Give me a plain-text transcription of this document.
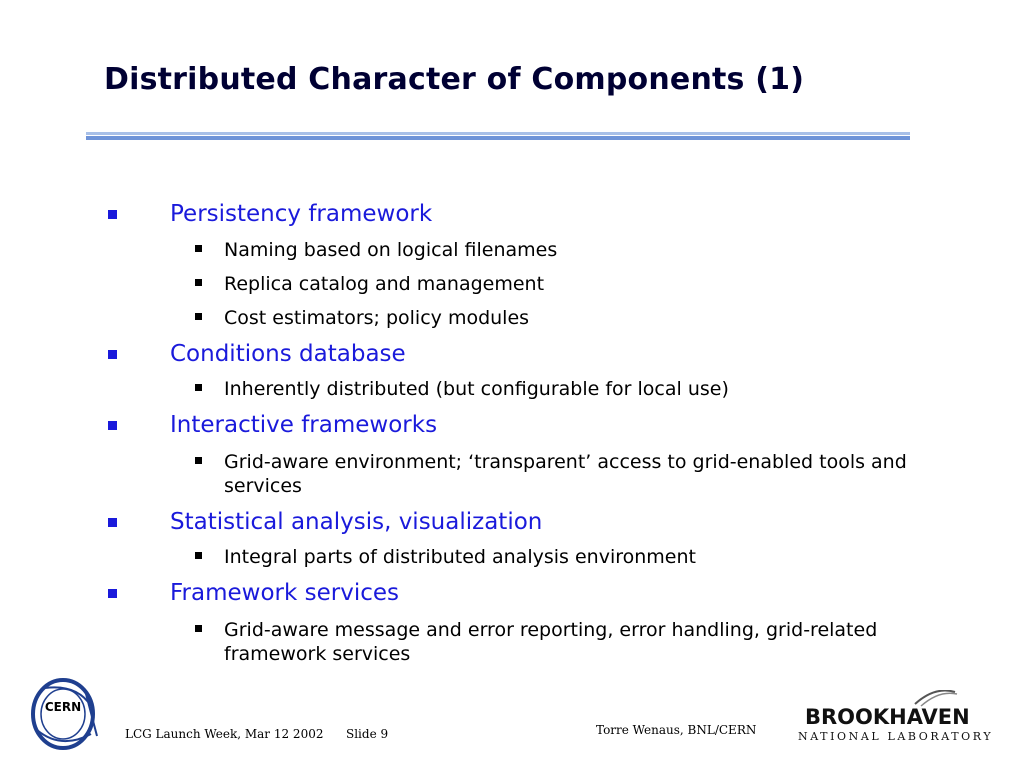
Distributed Character of Components (1)
Persistency framework
Naming based on logical filenames
Replica catalog and management
Cost estimators; policy modules
Conditions database
Inherently distributed (but configurable for local use)
Interactive frameworks
Grid-aware environment; ‘transparent’ access to grid-enabled tools and services
Statistical analysis, visualization
Integral parts of distributed analysis environment
Framework services
Grid-aware message and error reporting, error handling, grid-related framework services
CERN
LCG Launch Week, Mar 12 2002 Slide 9	Torre Wenaus, BNL/CERN
BROOKHAVEN
NATIONAL LABORATORY
